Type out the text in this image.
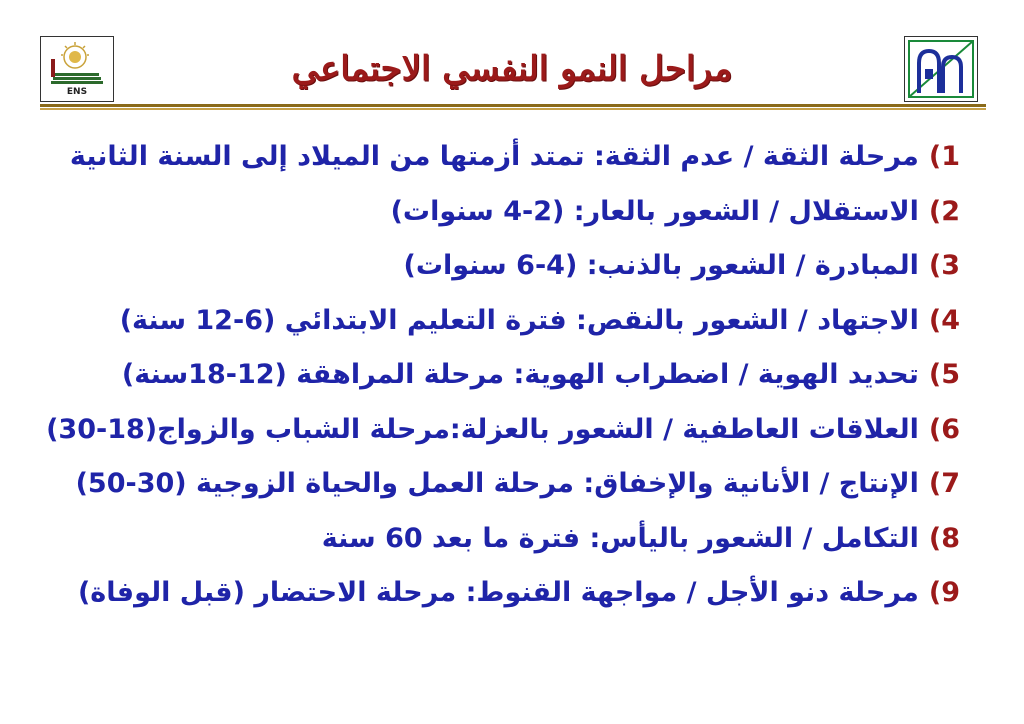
ENS
مراحل النمو النفسي الاجتماعي
1)مرحلة الثقة / عدم الثقة: تمتد أزمتها من الميلاد إلى السنة الثانية
2)الاستقلال / الشعور بالعار: (2-4 سنوات)
3)المبادرة / الشعور بالذنب: (4-6 سنوات)
4)الاجتهاد / الشعور بالنقص: فترة التعليم الابتدائي (6-12 سنة)
5)تحديد الهوية / اضطراب الهوية: مرحلة المراهقة (12-18سنة)
6)العلاقات العاطفية / الشعور بالعزلة:مرحلة الشباب والزواج(18-30)
7)الإنتاج / الأنانية والإخفاق: مرحلة العمل والحياة الزوجية (30-50)
8)التكامل / الشعور باليأس: فترة ما بعد 60 سنة
9)مرحلة دنو الأجل / مواجهة القنوط: مرحلة الاحتضار (قبل الوفاة)
